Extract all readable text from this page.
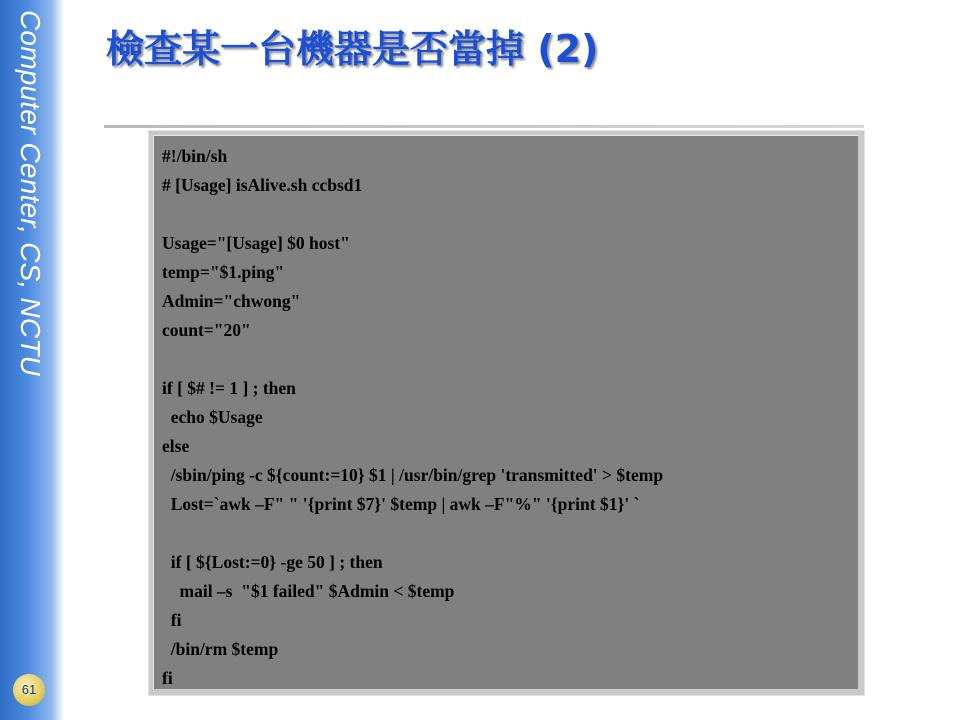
Computer Center, CS, NCTU
61
檢查某一台機器是否當掉 (2)
#!/bin/sh
# [Usage] isAlive.sh ccbsd1
Usage="[Usage] $0 host"
temp="$1.ping"
Admin="chwong"
count="20"
if [ $# != 1 ] ; then
echo $Usage
else
/sbin/ping -c ${count:=10} $1 | /usr/bin/grep 'transmitted' > $temp
Lost=`awk –F" " '{print $7}' $temp | awk –F"%" '{print $1}' `
if [ ${Lost:=0} -ge 50 ] ; then
mail –s  "$1 failed" $Admin < $temp
fi
/bin/rm $temp
fi
